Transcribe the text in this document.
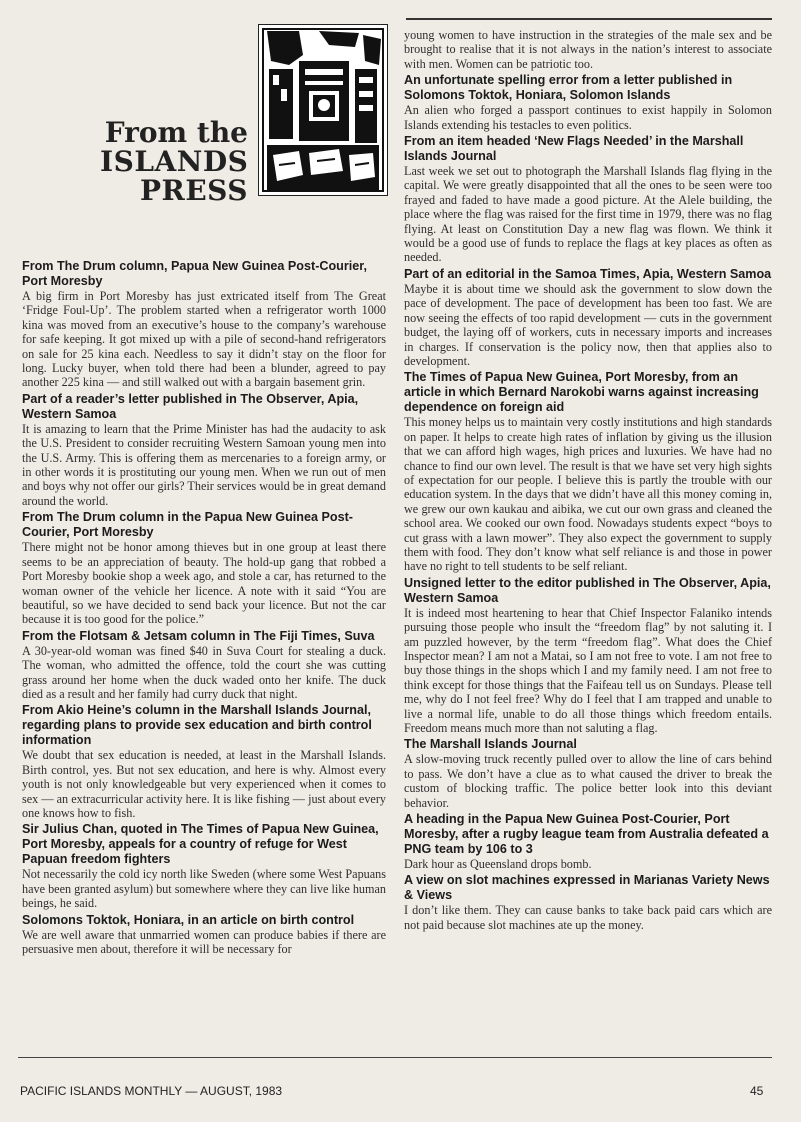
From the
ISLANDS
PRESS

From The Drum column, Papua New Guinea Post-Courier, Port Moresby

A big firm in Port Moresby has just extricated itself from The Great ‘Fridge Foul-Up’. The problem started when a refrigerator worth 1000 kina was moved from an executive’s house to the company’s warehouse for safe keeping. It got mixed up with a pile of second-hand refrigerators on sale for 25 kina each. Needless to say it didn’t stay on the floor for long. Lucky buyer, when told there had been a blunder, agreed to pay another 225 kina — and still walked out with a bargain basement grin.

Part of a reader’s letter published in The Observer, Apia, Western Samoa

It is amazing to learn that the Prime Minister has had the audacity to ask the U.S. President to consider recruiting Western Samoan young men into the U.S. Army. This is offering them as mercenaries to a foreign army, or in other words it is prostituting our young men. When we run out of men and boys why not offer our girls? Their services would be in great demand around the world.

From The Drum column in the Papua New Guinea Post-Courier, Port Moresby

There might not be honor among thieves but in one group at least there seems to be an appreciation of beauty. The hold-up gang that robbed a Port Moresby bookie shop a week ago, and stole a car, has returned to the woman owner of the vehicle her licence. A note with it said “You are beautiful, so we have decided to send back your licence. But not the car because it is too good for the police.”

From the Flotsam & Jetsam column in The Fiji Times, Suva

A 30-year-old woman was fined $40 in Suva Court for stealing a duck. The woman, who admitted the offence, told the court she was cutting grass around her home when the duck waded onto her knife. The duck died as a result and her family had curry duck that night.

From Akio Heine’s column in the Marshall Islands Journal, regarding plans to provide sex education and birth control information

We doubt that sex education is needed, at least in the Marshall Islands. Birth control, yes. But not sex education, and here is why. Almost every youth is not only knowledgeable but very experienced when it comes to sex — an extracurricular activity here. It is like fishing — just about every one knows how to fish.

Sir Julius Chan, quoted in The Times of Papua New Guinea, Port Moresby, appeals for a country of refuge for West Papuan freedom fighters

Not necessarily the cold icy north like Sweden (where some West Papuans have been granted asylum) but somewhere where they can live like human beings, he said.

Solomons Toktok, Honiara, in an article on birth control

We are well aware that unmarried women can produce babies if there are persuasive men about, therefore it will be necessary for

young women to have instruction in the strategies of the male sex and be brought to realise that it is not always in the nation’s interest to associate with men. Women can be patriotic too.

An unfortunate spelling error from a letter published in Solomons Toktok, Honiara, Solomon Islands

An alien who forged a passport continues to exist happily in Solomon Islands extending his testacles to even politics.

From an item headed ‘New Flags Needed’ in the Marshall Islands Journal

Last week we set out to photograph the Marshall Islands flag flying in the capital. We were greatly disappointed that all the ones to be seen were too frayed and faded to have made a good picture. At the Alele building, the place where the flag was raised for the first time in 1979, there was no flag flying. At least on Constitution Day a new flag was flown. We think it would be a good use of funds to replace the flags at key places as often as needed.

Part of an editorial in the Samoa Times, Apia, Western Samoa

Maybe it is about time we should ask the government to slow down the pace of development. The pace of development has been too fast. We are now seeing the effects of too rapid development — cuts in the government budget, the laying off of workers, cuts in necessary imports and increases in charges. If conservation is the policy now, then that applies also to development.

The Times of Papua New Guinea, Port Moresby, from an article in which Bernard Narokobi warns against increasing dependence on foreign aid

This money helps us to maintain very costly institutions and high standards on paper. It helps to create high rates of inflation by giving us the illusion that we can afford high wages, high prices and luxuries. We have had no chance to find our own level. The result is that we have set very high sights of expectation for our people. I believe this is partly the trouble with our education system. In the days that we didn’t have all this money coming in, we grew our own kaukau and aibika, we cut our own grass and cleaned the school area. We cooked our own food. Nowadays students expect “boys to cut grass with a lawn mower”. They also expect the government to supply them with food. They don’t know what self reliance is and those in power have no right to tell students to be self reliant.

Unsigned letter to the editor published in The Observer, Apia, Western Samoa

It is indeed most heartening to hear that Chief Inspector Falaniko intends pursuing those people who insult the “freedom flag” by not saluting it. I am puzzled however, by the term “freedom flag”. What does the Chief Inspector mean? I am not a Matai, so I am not free to vote. I am not free to buy those things in the shops which I and my family need. I am not free to think except for those things that the Faifeau tell us on Sundays. Please tell me, why do I not feel free? Why do I feel that I am trapped and unable to live a normal life, unable to do all those things which freedom entails. Freedom means much more than not saluting a flag.

The Marshall Islands Journal

A slow-moving truck recently pulled over to allow the line of cars behind to pass. We don’t have a clue as to what caused the driver to break the custom of blocking traffic. The police better look into this deviant behavior.

A heading in the Papua New Guinea Post-Courier, Port Moresby, after a rugby league team from Australia defeated a PNG team by 106 to 3

Dark hour as Queensland drops bomb.

A view on slot machines expressed in Marianas Variety News & Views

I don’t like them. They can cause banks to take back paid cars which are not paid because slot machines ate up the money.

PACIFIC ISLANDS MONTHLY — AUGUST, 1983	45
